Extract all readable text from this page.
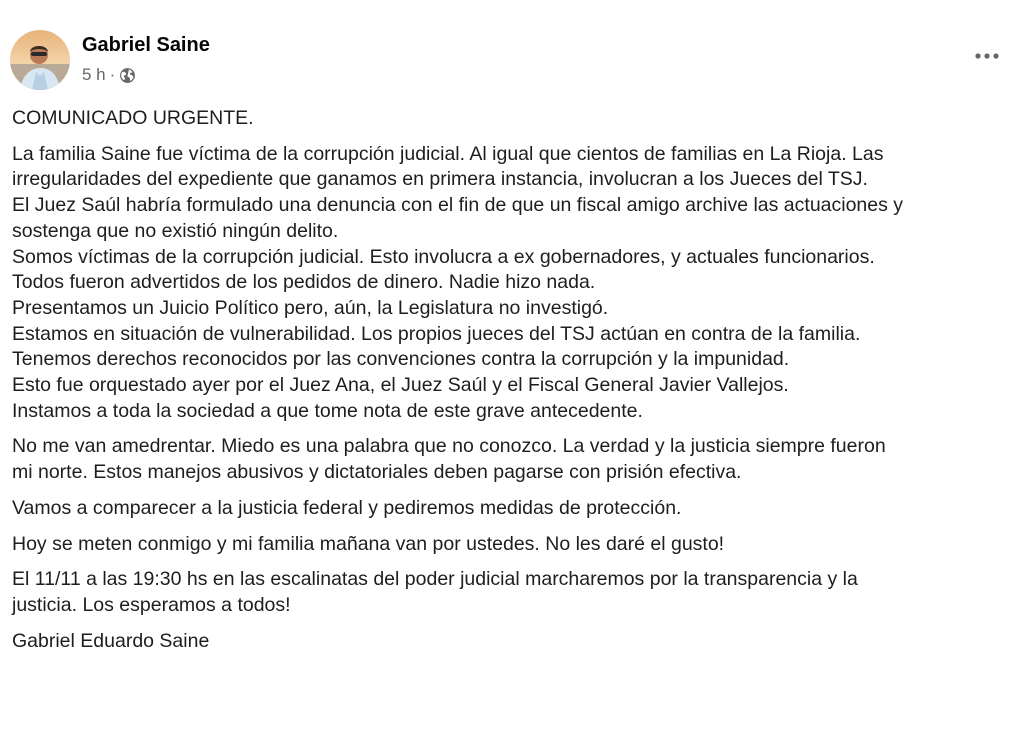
Gabriel Saine
5 h ·
COMUNICADO URGENTE.
La familia Saine fue víctima de la corrupción judicial. Al igual que cientos de familias en La Rioja. Las
irregularidades del expediente que ganamos en primera instancia, involucran a los Jueces del TSJ.
El Juez Saúl habría formulado una denuncia con el fin de que un fiscal amigo archive las actuaciones y
sostenga que no existió ningún delito.
Somos víctimas de la corrupción judicial. Esto involucra a ex gobernadores, y actuales funcionarios.
Todos fueron advertidos de los pedidos de dinero. Nadie hizo nada.
Presentamos un Juicio Político pero, aún, la Legislatura no investigó.
Estamos en situación de vulnerabilidad. Los propios jueces del TSJ actúan en contra de la familia.
Tenemos derechos reconocidos por las convenciones contra la corrupción y la impunidad.
Esto fue orquestado ayer por el Juez Ana, el Juez Saúl y el Fiscal General Javier Vallejos.
Instamos a toda la sociedad a que tome nota de este grave antecedente.
No me van amedrentar. Miedo es una palabra que no conozco. La verdad y la justicia siempre fueron
mi norte. Estos manejos abusivos y dictatoriales deben pagarse con prisión efectiva.
Vamos a comparecer a la justicia federal y pediremos medidas de protección.
Hoy se meten conmigo y mi familia mañana van por ustedes. No les daré el gusto!
El 11/11 a las 19:30 hs en las escalinatas del poder judicial marcharemos por la transparencia y la
justicia. Los esperamos a todos!
Gabriel Eduardo Saine
